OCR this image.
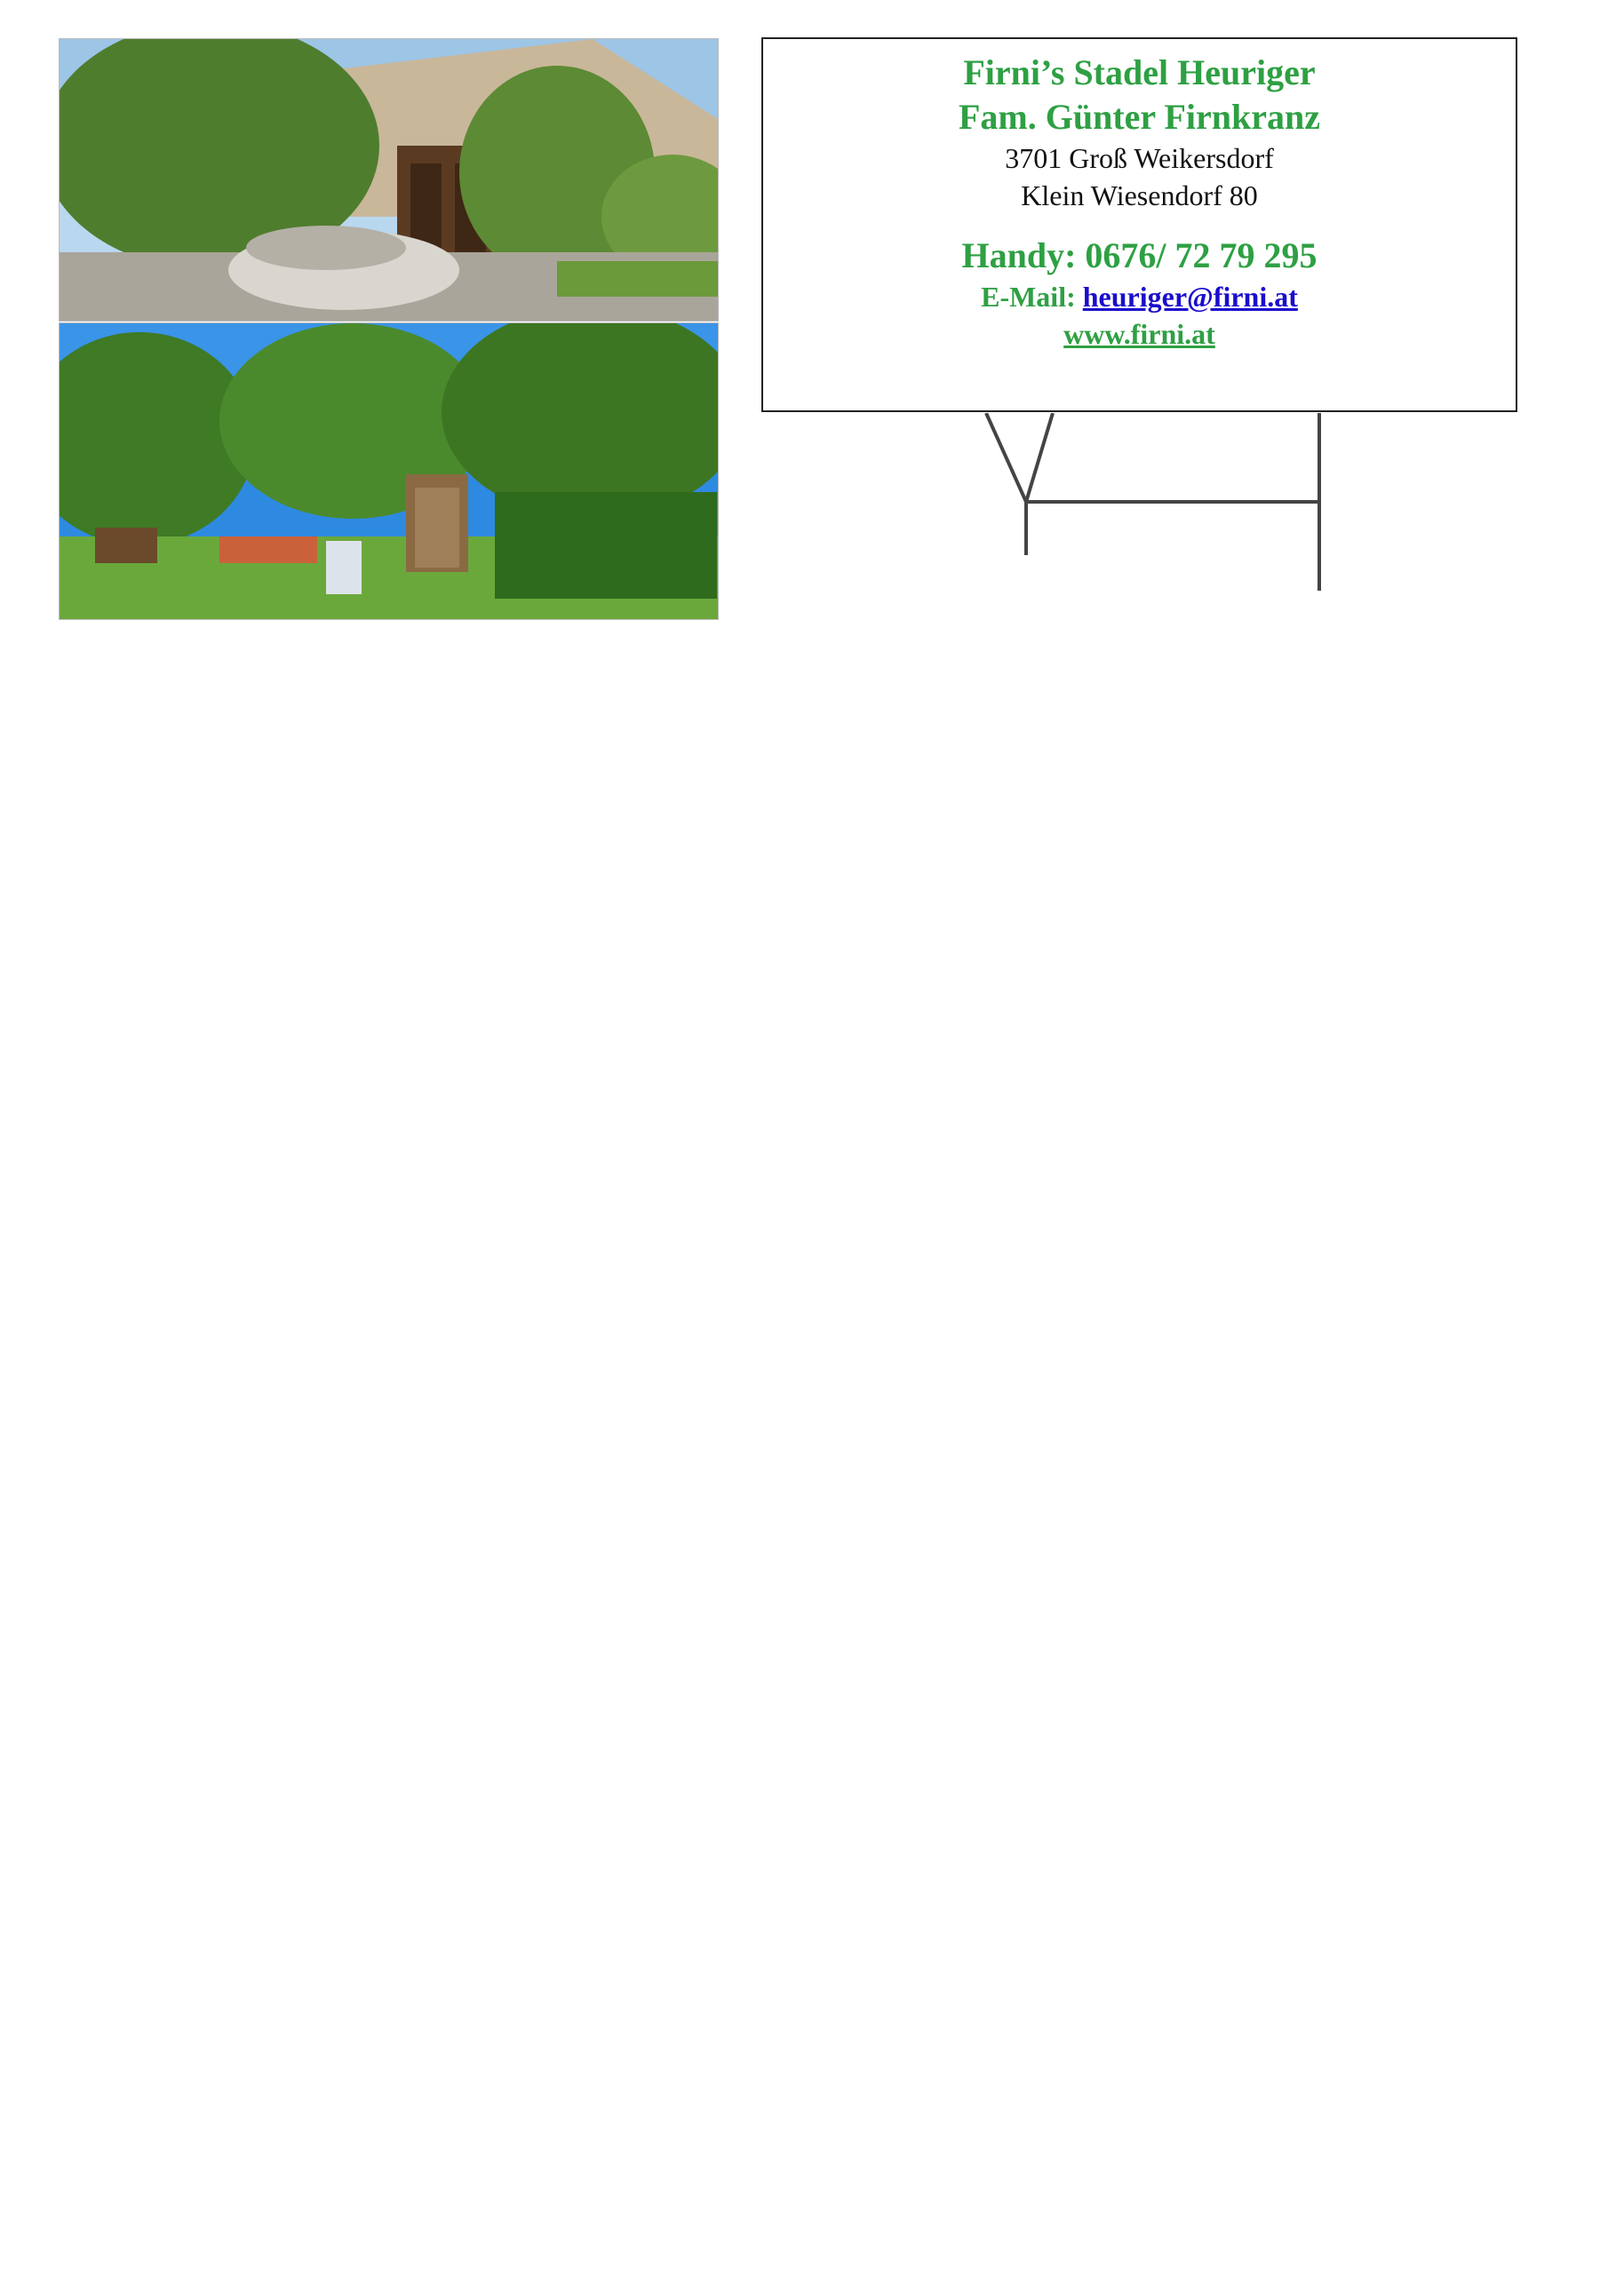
Firni’s Stadel Heuriger
Fam. Günter Firnkranz
3701 Groß Weikersdorf
Klein Wiesendorf 80
Handy: 0676/ 72 79 295
E-Mail: heuriger@firni.at
www.firni.at
